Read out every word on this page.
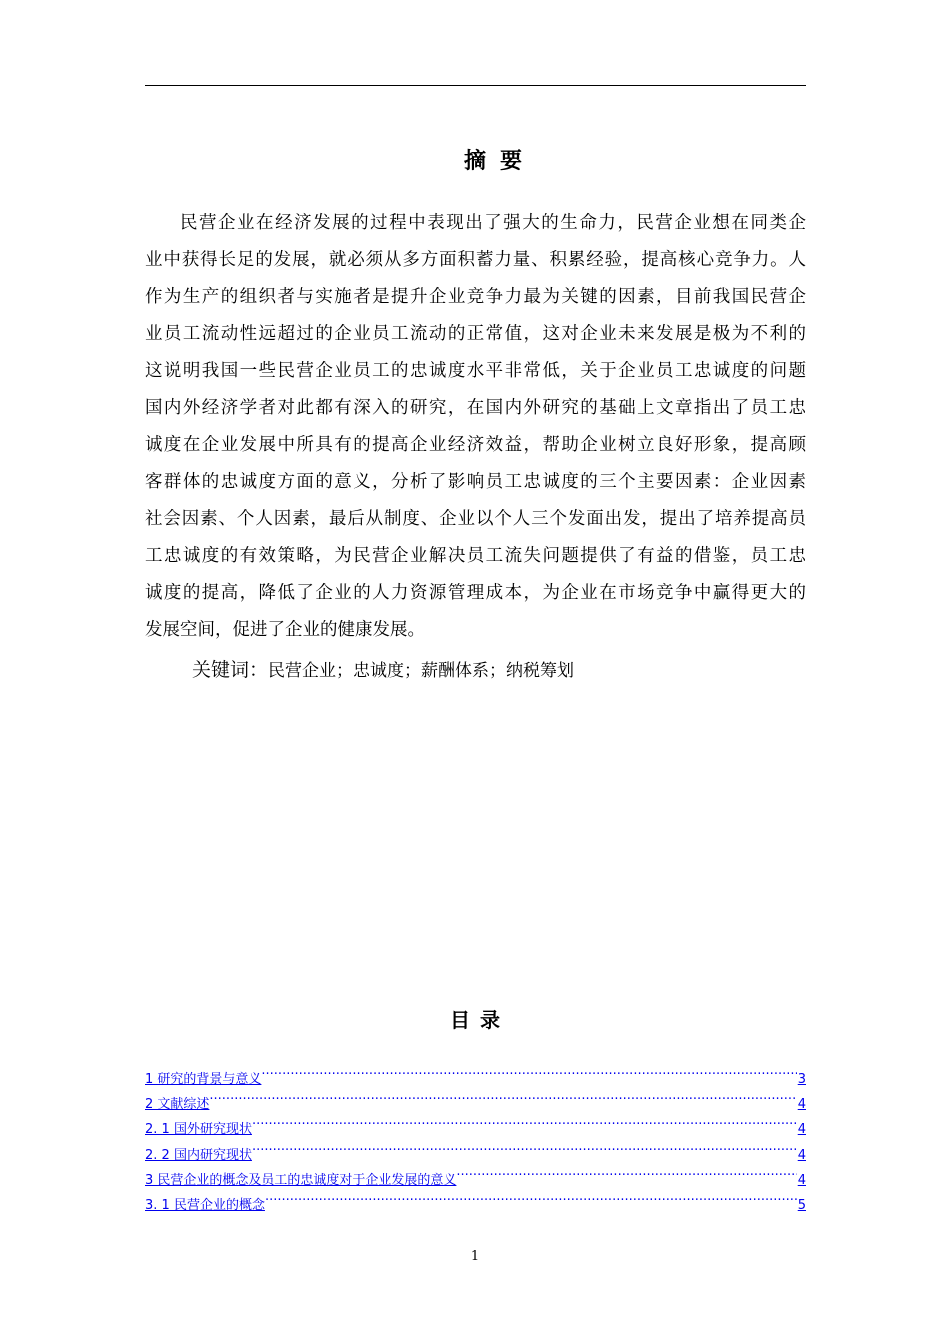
摘要
民营企业在经济发展的过程中表现出了强大的生命力，民营企业想在同类企
业中获得长足的发展，就必须从多方面积蓄力量、积累经验，提高核心竞争力。人
作为生产的组织者与实施者是提升企业竞争力最为关键的因素，目前我国民营企
业员工流动性远超过的企业员工流动的正常值，这对企业未来发展是极为不利的
这说明我国一些民营企业员工的忠诚度水平非常低，关于企业员工忠诚度的问题
国内外经济学者对此都有深入的研究，在国内外研究的基础上文章指出了员工忠
诚度在企业发展中所具有的提高企业经济效益，帮助企业树立良好形象，提高顾
客群体的忠诚度方面的意义，分析了影响员工忠诚度的三个主要因素：企业因素
社会因素、个人因素，最后从制度、企业以个人三个发面出发，提出了培养提高员
工忠诚度的有效策略，为民营企业解决员工流失问题提供了有益的借鉴，员工忠
诚度的提高，降低了企业的人力资源管理成本，为企业在市场竞争中赢得更大的
发展空间，促进了企业的健康发展。
关键词：民营企业；忠诚度；薪酬体系；纳税筹划
目录
1 研究的背景与意义 .....	3
2 文献综述 .....	4
2. 1 国外研究现状 .....	4
2. 2 国内研究现状 .....	4
3 民营企业的概念及员工的忠诚度对于企业发展的意义 .....	4
3. 1 民营企业的概念 .....	5
1
